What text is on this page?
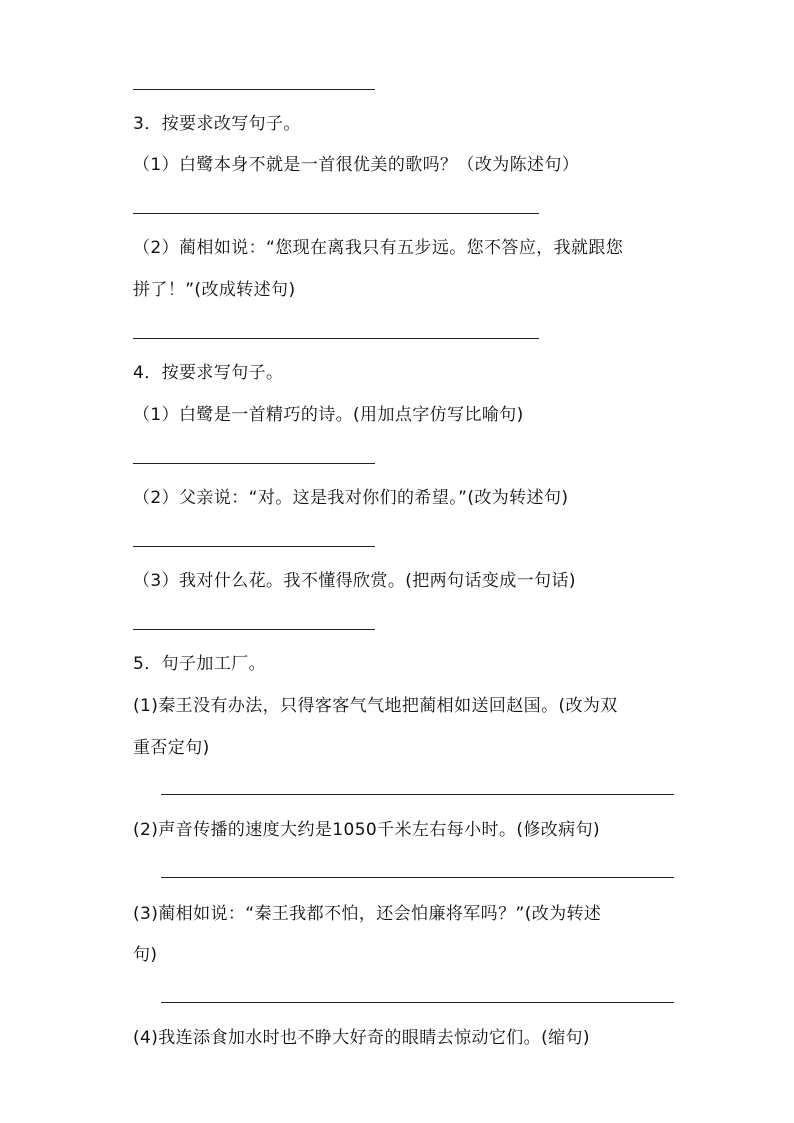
3．按要求改写句子。
（1）白鹭本身不就是一首很优美的歌吗？（改为陈述句）
（2）蔺相如说：“您现在离我只有五步远。您不答应，我就跟您
拼了！”(改成转述句)
4．按要求写句子。
（1）白鹭是一首精巧的诗。(用加点字仿写比喻句)
（2）父亲说：“对。这是我对你们的希望。”(改为转述句)
（3）我对什么花。我不懂得欣赏。(把两句话变成一句话)
5．句子加工厂。
(1)秦王没有办法，只得客客气气地把蔺相如送回赵国。(改为双
重否定句)
(2)声音传播的速度大约是1050千米左右每小时。(修改病句)
(3)蔺相如说：“秦王我都不怕，还会怕廉将军吗？”(改为转述
句)
(4)我连添食加水时也不睁大好奇的眼睛去惊动它们。(缩句)
